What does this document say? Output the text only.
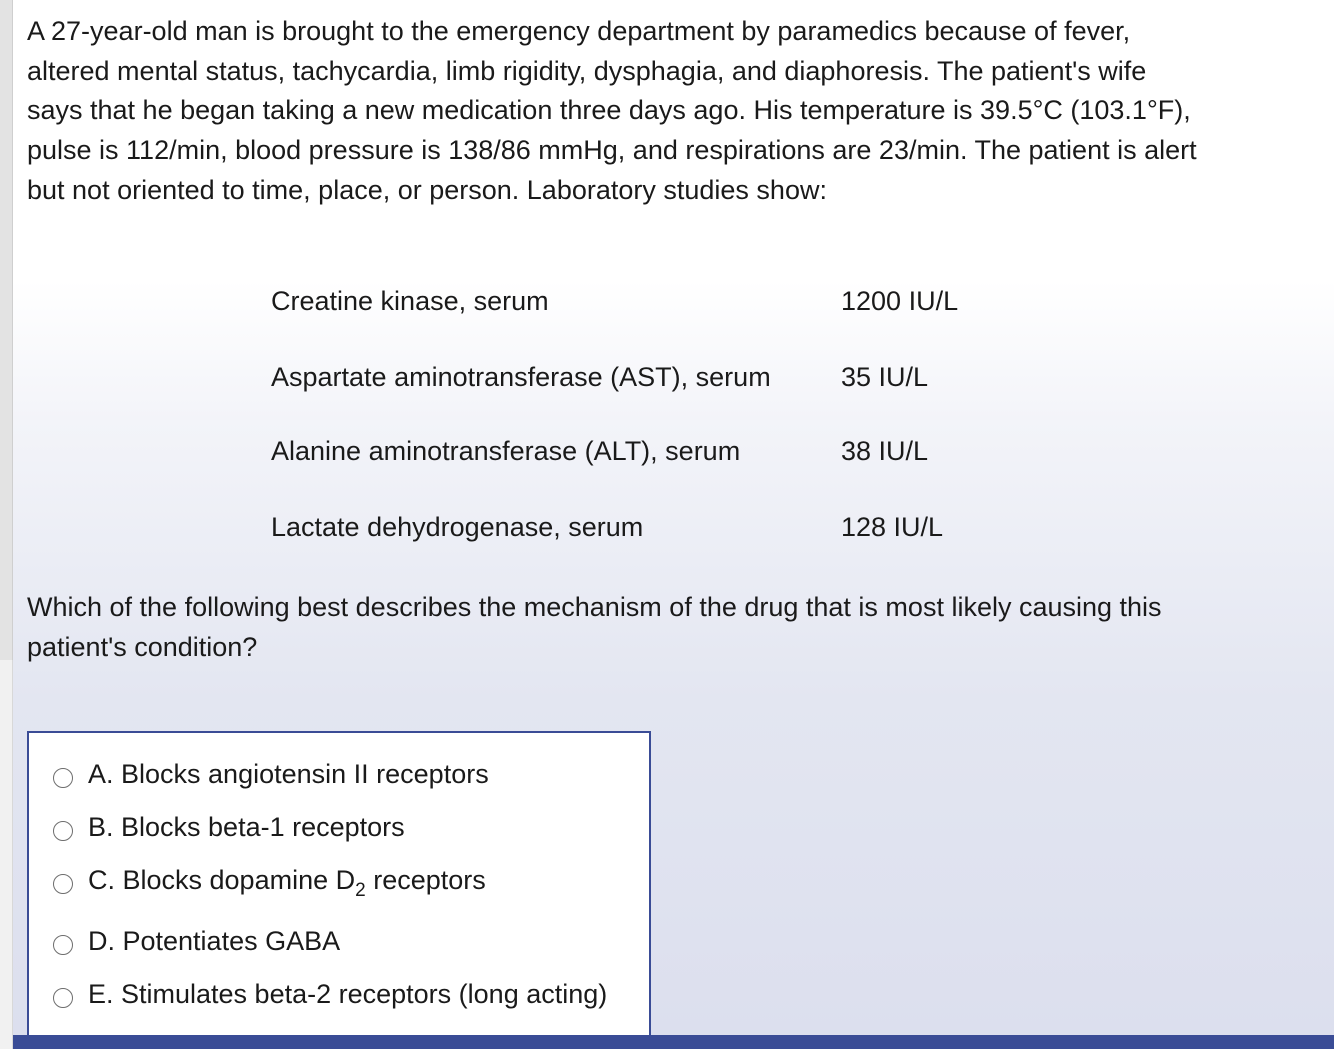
A 27-year-old man is brought to the emergency department by paramedics because of fever, altered mental status, tachycardia, limb rigidity, dysphagia, and diaphoresis. The patient's wife says that he began taking a new medication three days ago. His temperature is 39.5°C (103.1°F), pulse is 112/min, blood pressure is 138/86 mmHg, and respirations are 23/min. The patient is alert but not oriented to time, place, or person. Laboratory studies show:

Creatine kinase, serum	1200 IU/L
Aspartate aminotransferase (AST), serum	35 IU/L
Alanine aminotransferase (ALT), serum	38 IU/L
Lactate dehydrogenase, serum	128 IU/L

Which of the following best describes the mechanism of the drug that is most likely causing this patient's condition?

A. Blocks angiotensin II receptors
B. Blocks beta-1 receptors
C. Blocks dopamine $D_2$ receptors
D. Potentiates GABA
E. Stimulates beta-2 receptors (long acting)
